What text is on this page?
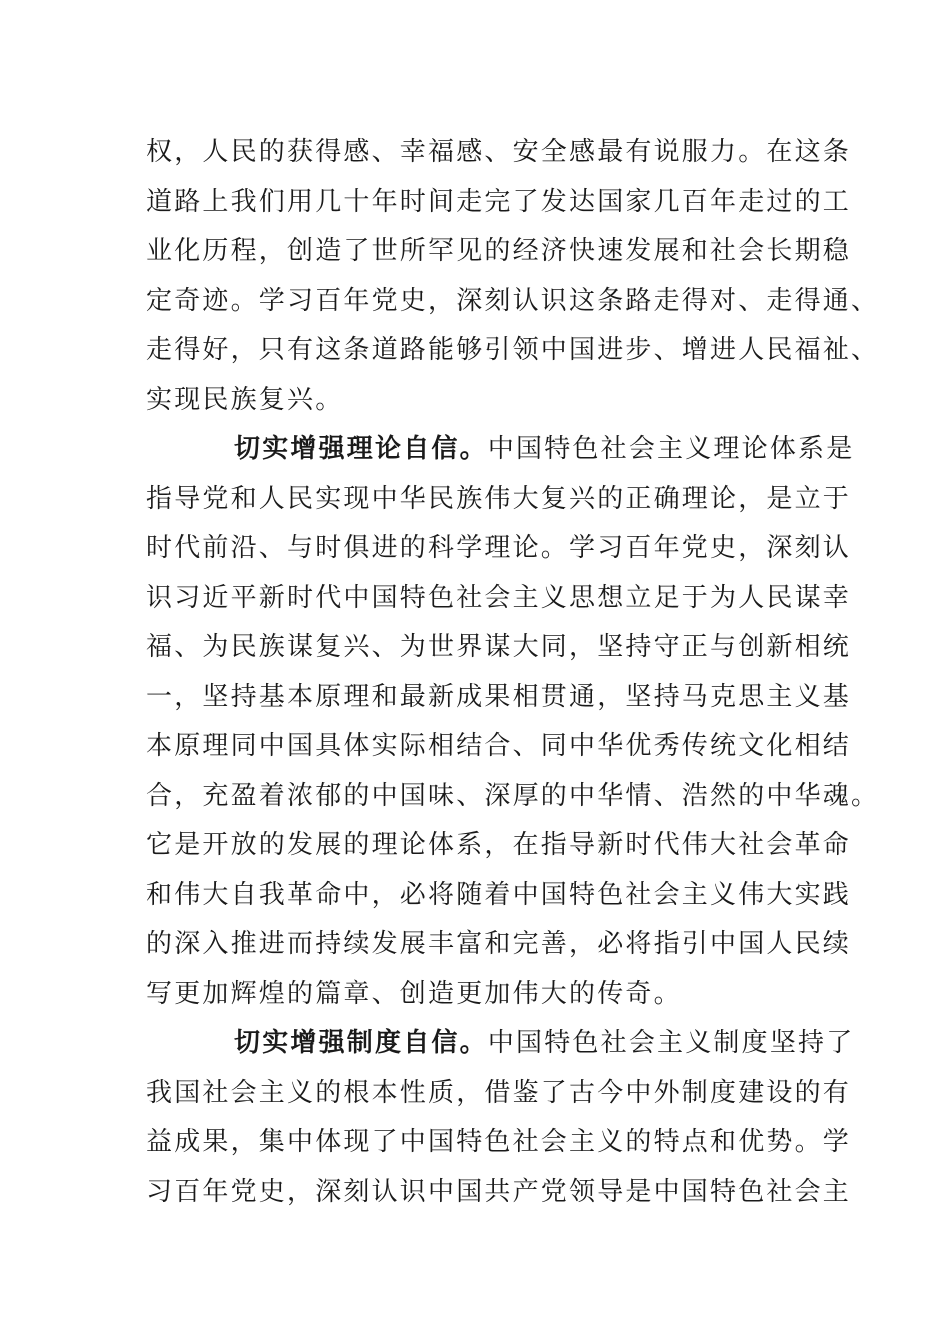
权，人民的获得感、幸福感、安全感最有说服力。在这条
道路上我们用几十年时间走完了发达国家几百年走过的工
业化历程，创造了世所罕见的经济快速发展和社会长期稳
定奇迹。学习百年党史，深刻认识这条路走得对、走得通、
走得好，只有这条道路能够引领中国进步、增进人民福祉、
实现民族复兴。
切实增强理论自信。中国特色社会主义理论体系是
指导党和人民实现中华民族伟大复兴的正确理论，是立于
时代前沿、与时俱进的科学理论。学习百年党史，深刻认
识习近平新时代中国特色社会主义思想立足于为人民谋幸
福、为民族谋复兴、为世界谋大同，坚持守正与创新相统
一，坚持基本原理和最新成果相贯通，坚持马克思主义基
本原理同中国具体实际相结合、同中华优秀传统文化相结
合，充盈着浓郁的中国味、深厚的中华情、浩然的中华魂。
它是开放的发展的理论体系，在指导新时代伟大社会革命
和伟大自我革命中，必将随着中国特色社会主义伟大实践
的深入推进而持续发展丰富和完善，必将指引中国人民续
写更加辉煌的篇章、创造更加伟大的传奇。
切实增强制度自信。中国特色社会主义制度坚持了
我国社会主义的根本性质，借鉴了古今中外制度建设的有
益成果，集中体现了中国特色社会主义的特点和优势。学
习百年党史，深刻认识中国共产党领导是中国特色社会主
